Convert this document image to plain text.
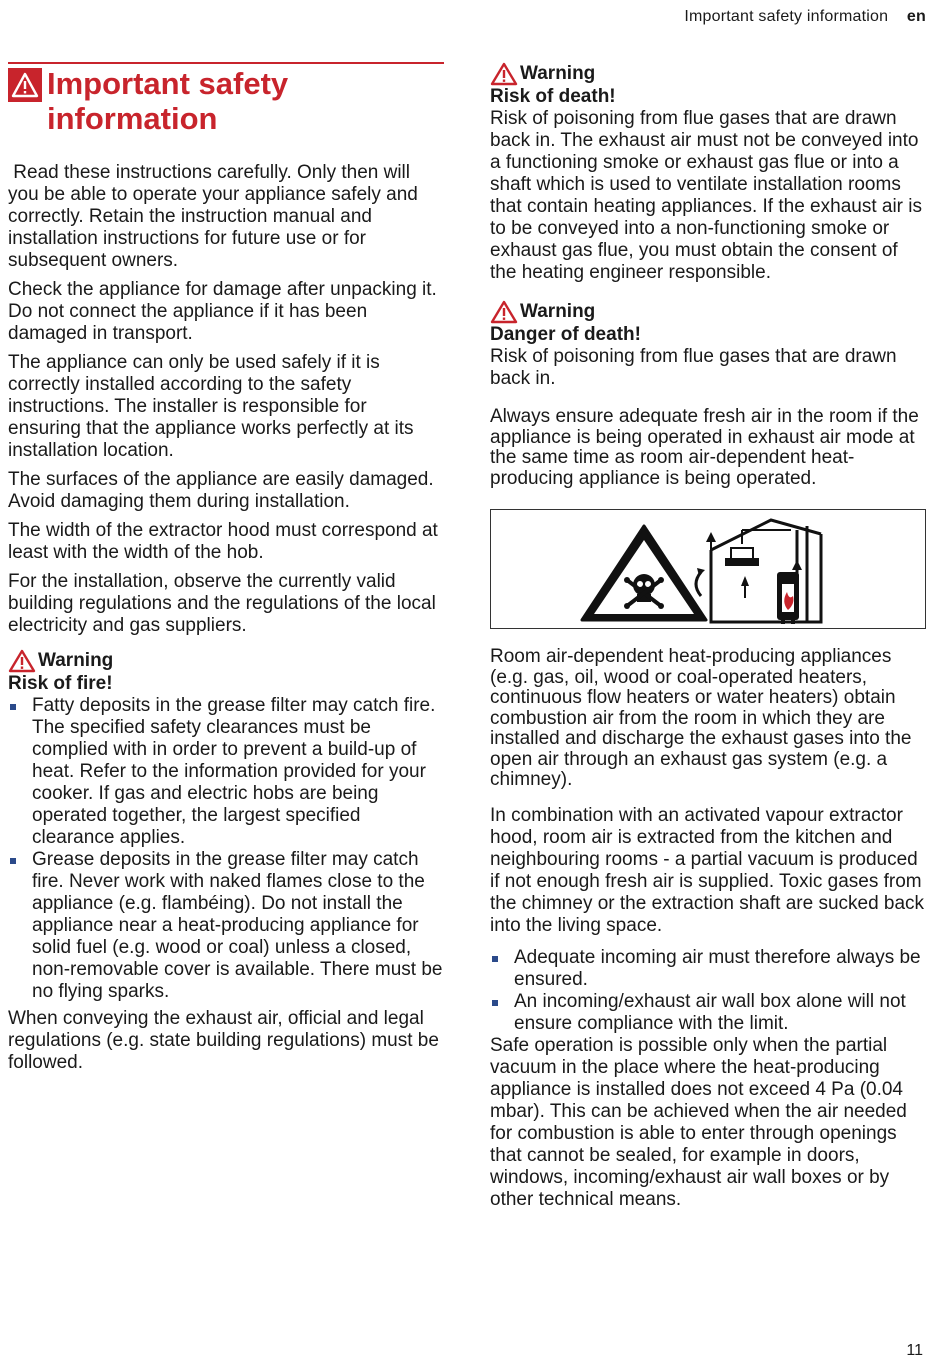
Important safety information en
Important safety information

Read these instructions carefully. Only then will you be able to operate your appliance safely and correctly. Retain the instruction manual and installation instructions for future use or for subsequent owners.

Check the appliance for damage after unpacking it. Do not connect the appliance if it has been damaged in transport.

The appliance can only be used safely if it is correctly installed according to the safety instructions. The installer is responsible for ensuring that the appliance works perfectly at its installation location.

The surfaces of the appliance are easily damaged. Avoid damaging them during installation.

The width of the extractor hood must correspond at least with the width of the hob.

For the installation, observe the currently valid building regulations and the regulations of the local electricity and gas suppliers.

Warning
Risk of fire!
Fatty deposits in the grease filter may catch fire. The specified safety clearances must be complied with in order to prevent a build-up of heat. Refer to the information provided for your cooker. If gas and electric hobs are being operated together, the largest specified clearance applies.
Grease deposits in the grease filter may catch fire. Never work with naked flames close to the appliance (e.g. flambéing). Do not install the appliance near a heat-producing appliance for solid fuel (e.g. wood or coal) unless a closed, non-removable cover is available. There must be no flying sparks.

When conveying the exhaust air, official and legal regulations (e.g. state building regulations) must be followed.

Warning
Risk of death!

Risk of poisoning from flue gases that are drawn back in. The exhaust air must not be conveyed into a functioning smoke or exhaust gas flue or into a shaft which is used to ventilate installation rooms that contain heating appliances. If the exhaust air is to be conveyed into a non-functioning smoke or exhaust gas flue, you must obtain the consent of the heating engineer responsible.

Warning
Danger of death!

Risk of poisoning from flue gases that are drawn back in.

Always ensure adequate fresh air in the room if the appliance is being operated in exhaust air mode at the same time as room air-dependent heat-producing appliance is being operated.

Room air-dependent heat-producing appliances (e.g. gas, oil, wood or coal-operated heaters, continuous flow heaters or water heaters) obtain combustion air from the room in which they are installed and discharge the exhaust gases into the open air through an exhaust gas system (e.g. a chimney).

In combination with an activated vapour extractor hood, room air is extracted from the kitchen and neighbouring rooms - a partial vacuum is produced if not enough fresh air is supplied. Toxic gases from the chimney or the extraction shaft are sucked back into the living space.

Adequate incoming air must therefore always be ensured.
An incoming/exhaust air wall box alone will not ensure compliance with the limit.

Safe operation is possible only when the partial vacuum in the place where the heat-producing appliance is installed does not exceed 4 Pa (0.04 mbar). This can be achieved when the air needed for combustion is able to enter through openings that cannot be sealed, for example in doors, windows, incoming/exhaust air wall boxes or by other technical means.

11
